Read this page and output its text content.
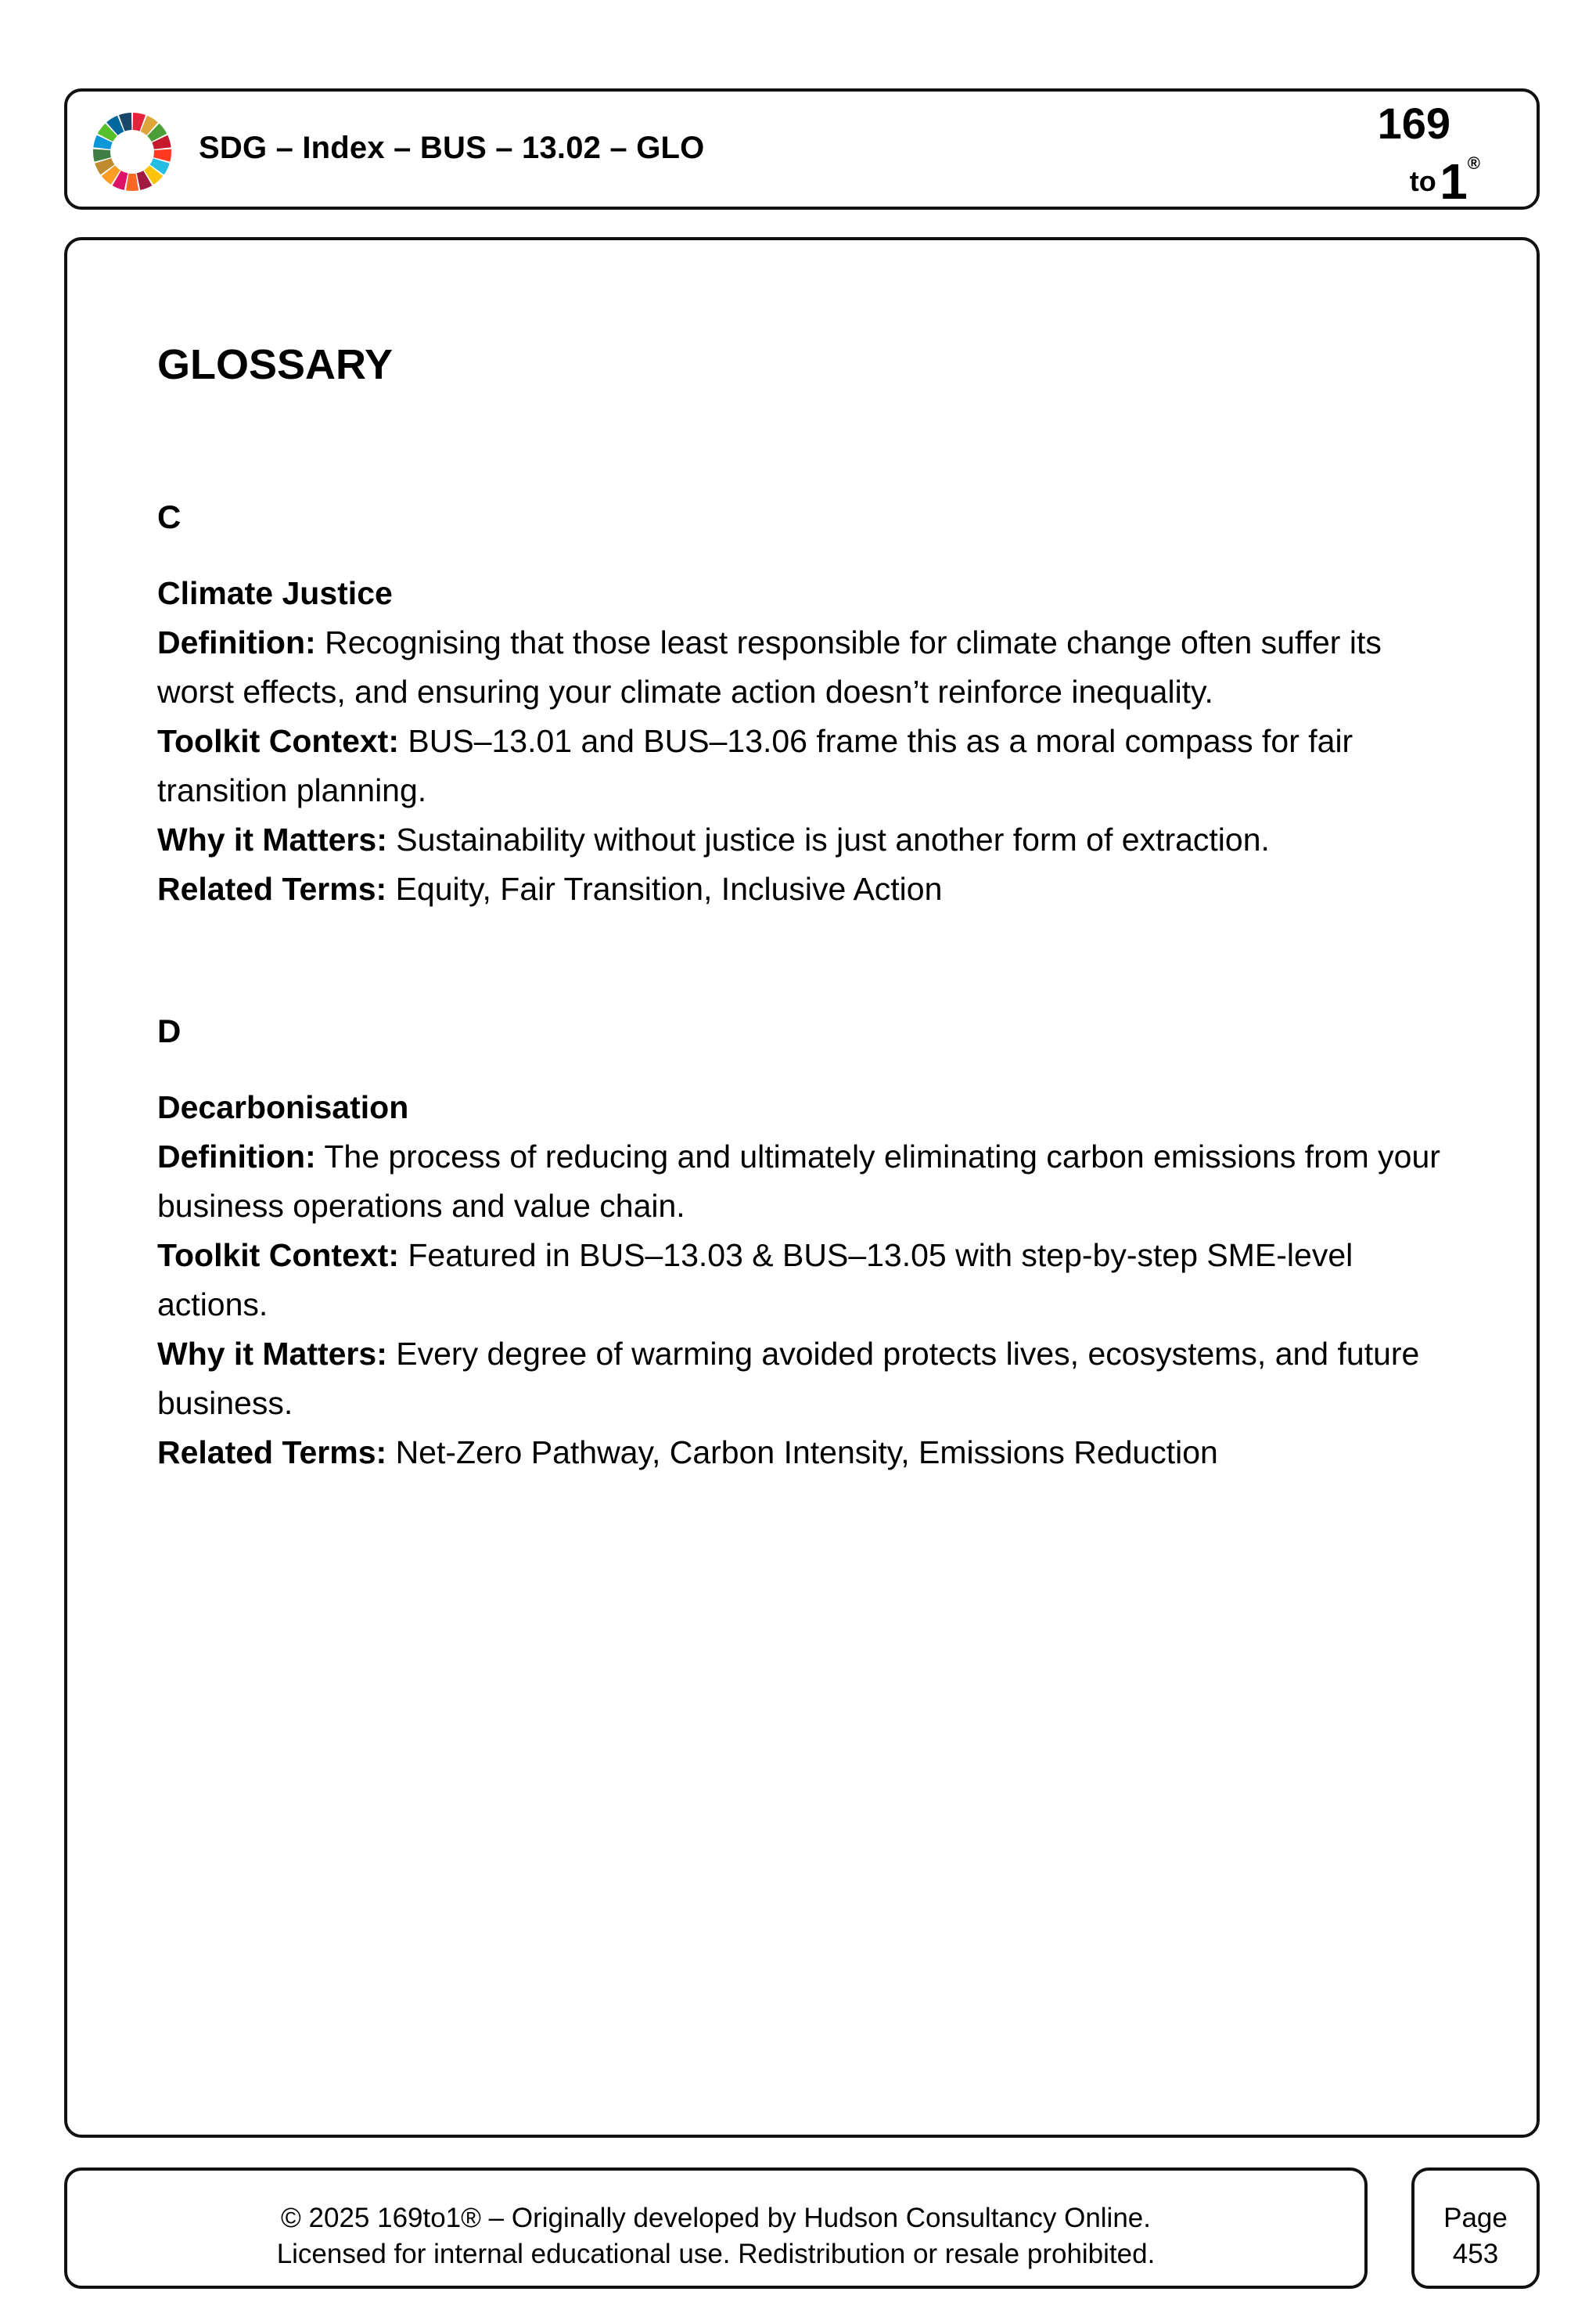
SDG – Index – BUS – 13.02 – GLO	169
to 1®
GLOSSARY
C

Climate Justice

Definition: Recognising that those least responsible for climate change often suffer its worst effects, and ensuring your climate action doesn’t reinforce inequality.

Toolkit Context: BUS–13.01 and BUS–13.06 frame this as a moral compass for fair transition planning.

Why it Matters: Sustainability without justice is just another form of extraction.

Related Terms: Equity, Fair Transition, Inclusive Action

D

Decarbonisation

Definition: The process of reducing and ultimately eliminating carbon emissions from your business operations and value chain.

Toolkit Context: Featured in BUS–13.03 & BUS–13.05 with step-by-step SME-level actions.

Why it Matters: Every degree of warming avoided protects lives, ecosystems, and future business.

Related Terms: Net-Zero Pathway, Carbon Intensity, Emissions Reduction

© 2025 169to1® – Originally developed by Hudson Consultancy Online.
Licensed for internal educational use. Redistribution or resale prohibited.
Page
453
